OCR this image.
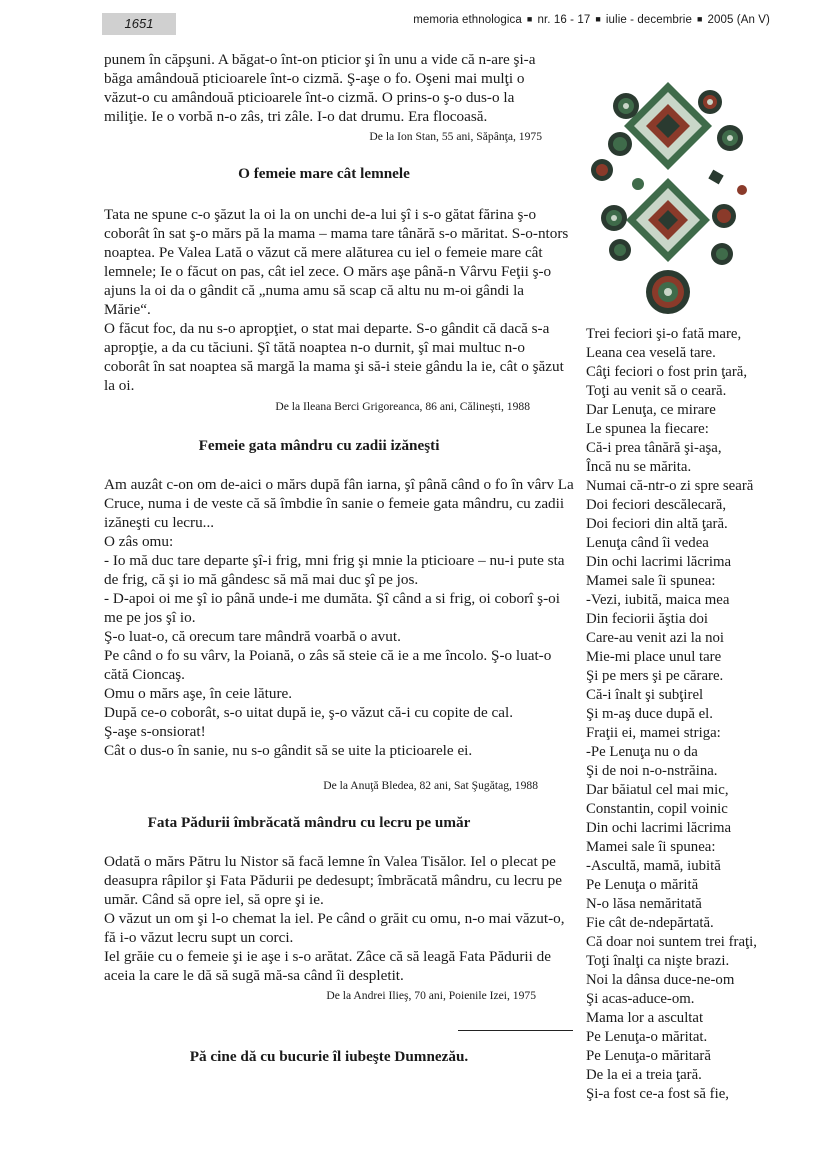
1651	memoria ethnologica ■ nr. 16 - 17 ■ iulie - decembrie ■ 2005 (An V)

punem în căpşuni. A băgat-o înt-on pticior şi în unu a vide că n-are şi-a băga amândouă pticioarele înt-o cizmă. Ş-aşe o fo. Oşeni mai mulţi o văzut-o cu amândouă pticioarele înt-o cizmă. O prins-o ş-o dus-o la miliţie. Ie o vorbă n-o zâs, tri zâle. I-o dat drumu. Era flocoasă.

De la Ion Stan, 55 ani, Săpânţa, 1975

O femeie mare cât lemnele

Tata ne spune c-o şăzut la oi la on unchi de-a lui şî i s-o gătat fărina ş-o coborât în sat ş-o mărs pă la mama – mama tare tânără s-o măritat. S-o-ntors noaptea. Pe Valea Lată o văzut că mere alăturea cu iel o femeie mare cât lemnele; Ie o făcut on pas, cât iel zece. O mărs aşe până-n Vârvu Feţii ş-o ajuns la oi da o gândit că „numa amu să scap că altu nu m-oi gândi la Mărie“.

O făcut foc, da nu s-o apropţiet, o stat mai departe. S-o gândit că dacă s-a apropţie, a da cu tăciuni. Şî tătă noaptea n-o durnit, şî mai multuc n-o coborât în sat noaptea să margă la mama şi să-i steie gându la ie, cât o şăzut la oi.

De la Ileana Berci Grigoreanca, 86 ani, Călineşti, 1988

Femeie gata mândru cu zadii izăneşti

Am auzât c-on om de-aici o mărs după fân iarna, şî până când o fo în vârv La Cruce, numa i de veste că să îmbdie în sanie o femeie gata mândru, cu zadii izăneşti cu lecru...

O zâs omu:

- Io mă duc tare departe şî-i frig, mni frig şi mnie la pticioare – nu-i pute sta de frig, că şi io mă gândesc să mă mai duc şî pe jos.

- D-apoi oi me şî io până unde-i me dumăta. Şî când a si frig, oi coborî ş-oi me pe jos şî io.

Ş-o luat-o, că orecum tare mândră voarbă o avut.

Pe când o fo su vârv, la Poiană, o zâs să steie că ie a me încolo. Ş-o luat-o cătă Cioncaş.

Omu o mărs aşe, în ceie lăture.

După ce-o coborât, s-o uitat după ie, ş-o văzut că-i cu copite de cal.

Ş-aşe s-onsiorat!

Cât o dus-o în sanie, nu s-o gândit să se uite la pticioarele ei.

De la Anuţă Bledea, 82 ani, Sat Şugătag, 1988

Fata Pădurii îmbrăcată mândru cu lecru pe umăr

Odată o mărs Pătru lu Nistor să facă lemne în Valea Tisălor. Iel o plecat pe deasupra râpilor şi Fata Pădurii pe dedesupt; îmbrăcată mândru, cu lecru pe umăr. Când să opre iel, să opre şi ie.

O văzut un om şi l-o chemat la iel. Pe când o grăit cu omu, n-o mai văzut-o, fă i-o văzut lecru supt un corci.

Iel grăie cu o femeie şi ie aşe i s-o arătat. Zâce că să leagă Fata Pădurii de aceia la care le dă să sugă mă-sa când îi despletit.

De la Andrei Ilieş, 70 ani, Poienile Izei, 1975

Pă cine dă cu bucurie îl iubeşte Dumnezău.
Trei feciori şi-o fată mare,
Leana cea veselă tare.
Câţi feciori o fost prin ţară,
Toţi au venit să o ceară.
Dar Lenuţa, ce mirare
Le spunea la fiecare:
Că-i prea tânără şi-aşa,
Încă nu se mărita.
Numai că-ntr-o zi spre seară
Doi feciori descălecară,
Doi feciori din altă ţară.
Lenuţa când îi vedea
Din ochi lacrimi lăcrima
Mamei sale îi spunea:
-Vezi, iubită, maica mea
Din feciorii ăştia doi
Care-au venit azi la noi
Mie-mi place unul tare
Şi pe mers şi pe cărare.
Că-i înalt şi subţirel
Şi m-aş duce după el.
Fraţii ei, mamei striga:
-Pe Lenuţa nu o da
Şi de noi n-o-nstrăina.
Dar băiatul cel mai mic,
Constantin, copil voinic
Din ochi lacrimi lăcrima
Mamei sale îi spunea:
-Ascultă, mamă, iubită
Pe Lenuţa o mărită
N-o lăsa nemăritată
Fie cât de-ndepărtată.
Că doar noi suntem trei fraţi,
Toţi înalţi ca nişte brazi.
Noi la dânsa duce-ne-om
Şi acas-aduce-om.
Mama lor a ascultat
Pe Lenuţa-o măritat.
Pe Lenuţa-o măritară
De la ei a treia ţară.
Şi-a fost ce-a fost să fie,
